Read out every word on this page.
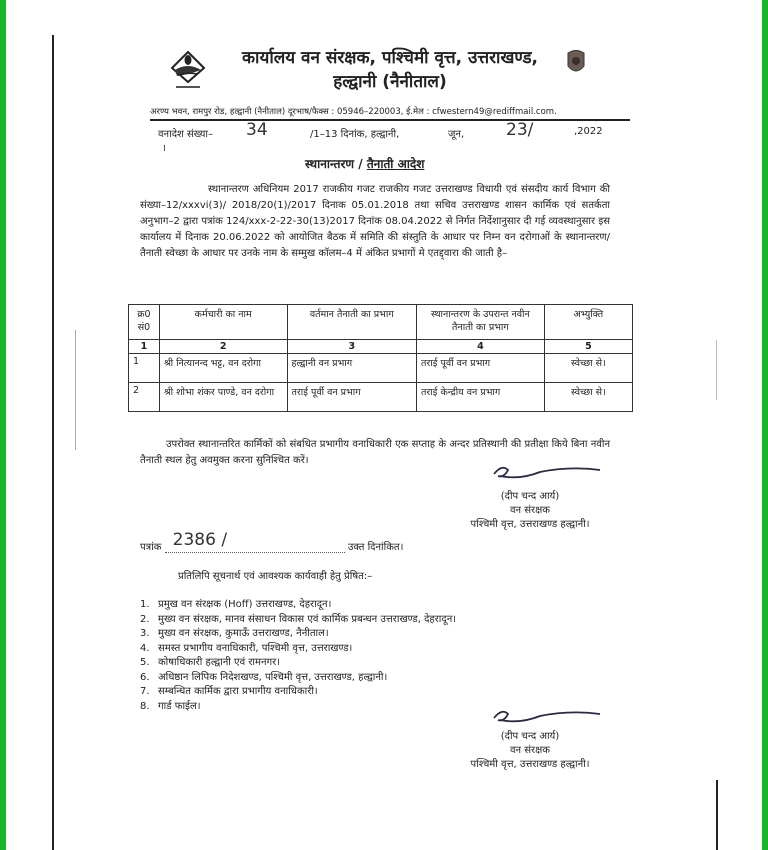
कार्यालय वन संरक्षक, पश्चिमी वृत्त, उत्तराखण्ड,
हल्द्वानी (नैनीताल)
अरण्य भवन, रामपुर रोड, हल्द्वानी (नैनीताल) दूरभाष/फैक्स : 05946–220003, ई.मेल : cfwestern49@rediffmail.com.
वनादेश संख्या–
।
34	/1–13 दिनांक, हल्द्वानी,	जून, 23/	,2022
स्थानान्तरण / तैनाती आदेश
स्थानान्तरण अधिनियम 2017 राजकीय गजट राजकीय गजट उत्तराखण्ड विधायी एवं संसदीय कार्य विभाग की संख्या–12/xxxvi(3)/ 2018/20(1)/2017 दिनाक 05.01.2018 तथा सचिव उत्तराखण्ड शासन कार्मिक एवं सतर्कता अनुभाग–2 द्वारा पत्रांक 124/xxx-2-22-30(13)2017 दिनांक 08.04.2022 से निर्गत निर्देशानुसार दी गई व्यवस्थानुसार इस कार्यालय में दिनाक 20.06.2022 को आयोजित बैठक में समिति की संस्तुति के आधार पर निम्न वन दरोगाओं के स्थानान्तरण/तैनाती स्वेच्छा के आधार पर उनके नाम के सम्मुख कॉलम–4 में अंकित प्रभागों मे एतद्द्वारा की जाती है–
क्र0 सं0	कर्मचारी का नाम	वर्तमान तैनाती का प्रभाग	स्थानान्तरण के उपरान्त नवीन तैनाती का प्रभाग	अभ्युक्ति
1	2	3	4	5
1	श्री नित्यानन्द भट्ट, वन दरोगा	हल्द्वानी वन प्रभाग	तराई पूर्वी वन प्रभाग	स्वेच्छा से।
2	श्री शोभा शंकर पाण्डे, वन दरोगा	तराई पूर्वी वन प्रभाग	तराई केन्द्रीय वन प्रभाग	स्वेच्छा से।
उपरोक्त स्थानान्तरित कार्मिकों को संबधित प्रभागीय वनाधिकारी एक सप्ताह के अन्दर प्रतिस्थानी की प्रतीक्षा किये बिना नवीन तैनाती स्थल हेतु अवमुक्त करना सुनिश्चित करें।
(दीप चन्द आर्य)
वन संरक्षक
पश्चिमी वृत्त, उत्तराखण्ड हल्द्वानी।
पत्रांक 2386 /	उक्त दिनांकित।
प्रतिलिपि सूचनार्थ एवं आवश्यक कार्यवाही हेतु प्रेषित:–
1. प्रमुख वन संरक्षक (Hoff) उत्तराखण्ड, देहरादून।
2. मुख्य वन संरक्षक, मानव संसाधन विकास एवं कार्मिक प्रबन्धन उत्तराखण्ड, देहरादून।
3. मुख्य वन संरक्षक, कुमाऊँ उत्तराखण्ड, नैनीताल।
4. समस्त प्रभागीय वनाधिकारी, पश्चिमी वृत्त, उत्तराखण्ड।
5. कोषाधिकारी हल्द्वानी एवं रामनगर।
6. अधिष्ठान लिपिक निदेशखण्ड, पश्चिमी वृत्त, उत्तराखण्ड, हल्द्वानी।
7. सम्बन्धित कार्मिक द्वारा प्रभागीय वनाधिकारी।
8. गार्ड फाईल।
(दीप चन्द आर्य)
वन संरक्षक
पश्चिमी वृत्त, उत्तराखण्ड हल्द्वानी।
